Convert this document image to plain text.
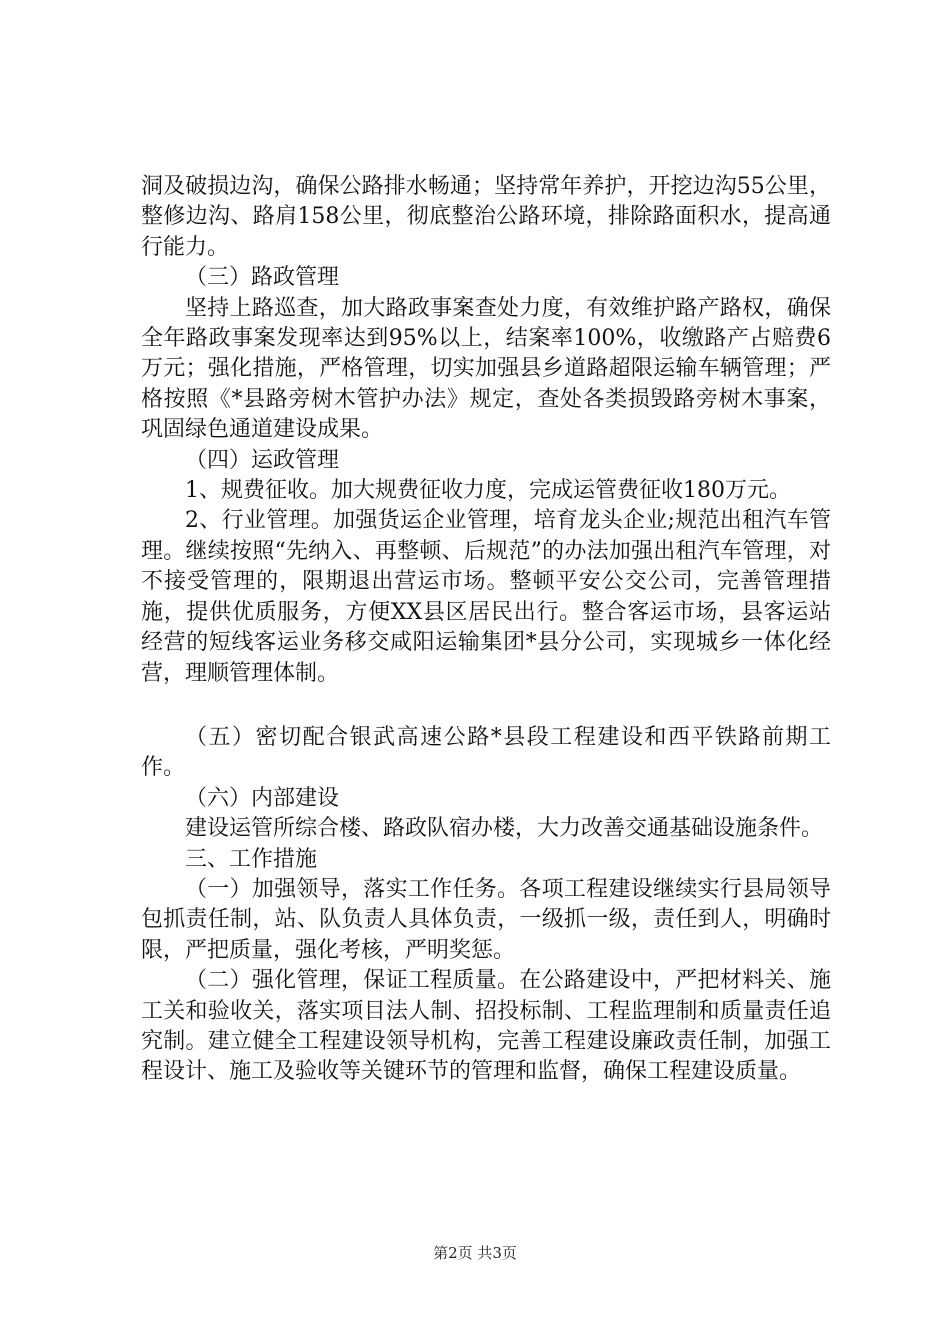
洞及破损边沟，确保公路排水畅通；坚持常年养护，开挖边沟55公里，整修边沟、路肩158公里，彻底整治公路环境，排除路面积水，提高通行能力。

（三）路政管理

坚持上路巡查，加大路政事案查处力度，有效维护路产路权，确保全年路政事案发现率达到95%以上，结案率100%，收缴路产占赔费6万元；强化措施，严格管理，切实加强县乡道路超限运输车辆管理；严格按照《*县路旁树木管护办法》规定，查处各类损毁路旁树木事案，巩固绿色通道建设成果。

（四）运政管理

1、规费征收。加大规费征收力度，完成运管费征收180万元。

2、行业管理。加强货运企业管理，培育龙头企业;规范出租汽车管理。继续按照“先纳入、再整顿、后规范”的办法加强出租汽车管理，对不接受管理的，限期退出营运市场。整顿平安公交公司，完善管理措施，提供优质服务，方便XX县区居民出行。整合客运市场，县客运站经营的短线客运业务移交咸阳运输集团*县分公司，实现城乡一体化经营，理顺管理体制。

（五）密切配合银武高速公路*县段工程建设和西平铁路前期工作。

（六）内部建设

建设运管所综合楼、路政队宿办楼，大力改善交通基础设施条件。

三、工作措施

（一）加强领导，落实工作任务。各项工程建设继续实行县局领导包抓责任制，站、队负责人具体负责，一级抓一级，责任到人，明确时限，严把质量，强化考核，严明奖惩。

（二）强化管理，保证工程质量。在公路建设中，严把材料关、施工关和验收关，落实项目法人制、招投标制、工程监理制和质量责任追究制。建立健全工程建设领导机构，完善工程建设廉政责任制，加强工程设计、施工及验收等关键环节的管理和监督，确保工程建设质量。

第2页 共3页
